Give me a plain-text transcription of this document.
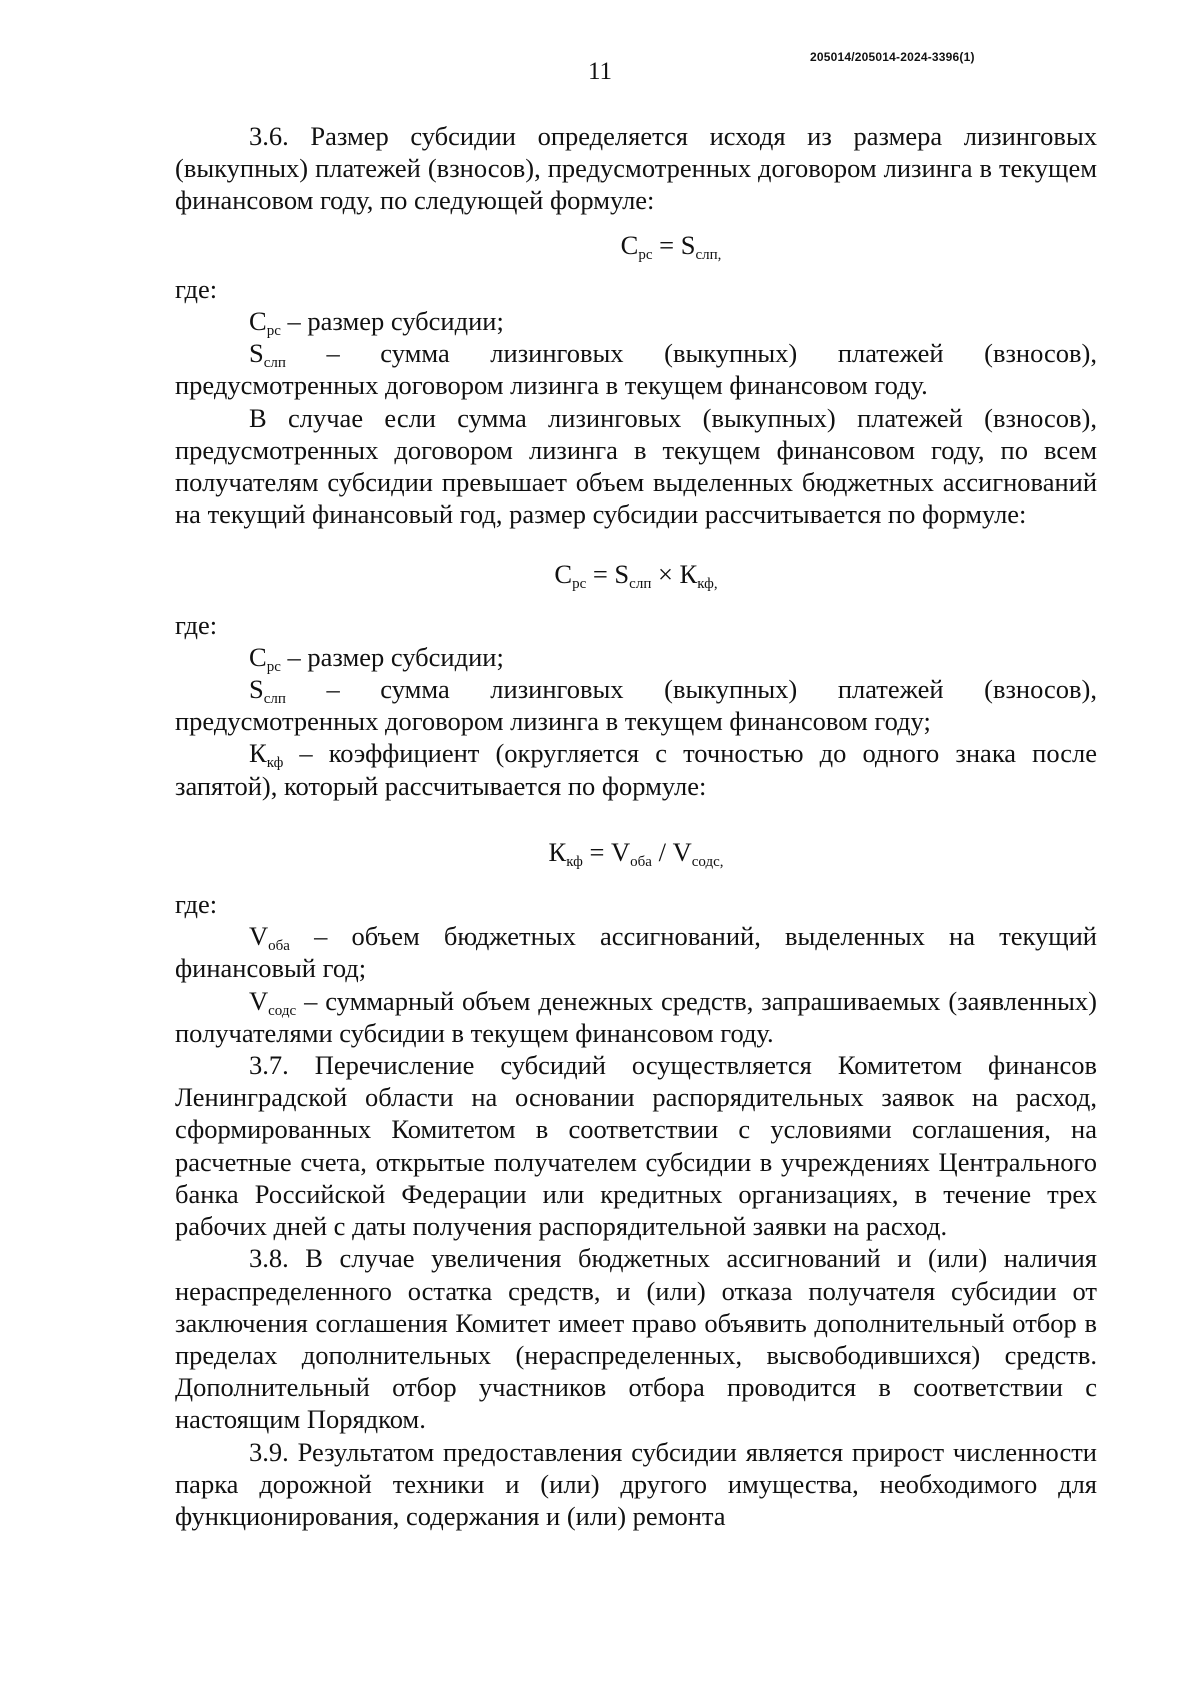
205014/205014-2024-3396(1)
11

3.6. Размер субсидии определяется исходя из размера лизинговых (выкупных) платежей (взносов), предусмотренных договором лизинга в текущем финансовом году, по следующей формуле:

$С_{рс} = S_{слп,}$

где:

$С_{рс}$ – размер субсидии;

$S_{слп}$ – сумма лизинговых (выкупных) платежей (взносов),

предусмотренных договором лизинга в текущем финансовом году.

В случае если сумма лизинговых (выкупных) платежей (взносов), предусмотренных договором лизинга в текущем финансовом году, по всем получателям субсидии превышает объем выделенных бюджетных ассигнований на текущий финансовый год, размер субсидии рассчитывается по формуле:

$С_{рс} = S_{слп} \times К_{кф,}$

где:

$С_{рс}$ – размер субсидии;

$S_{слп}$ – сумма лизинговых (выкупных) платежей (взносов),

предусмотренных договором лизинга в текущем финансовом году;

$К_{кф}$ – коэффициент (округляется с точностью до одного знака после запятой), который рассчитывается по формуле:

$К_{кф} = V_{оба} / V_{содс,}$

где:

$V_{оба}$ – объем бюджетных ассигнований, выделенных на текущий финансовый год;

$V_{содс}$ – суммарный объем денежных средств, запрашиваемых (заявленных) получателями субсидии в текущем финансовом году.

3.7. Перечисление субсидий осуществляется Комитетом финансов Ленинградской области на основании распорядительных заявок на расход, сформированных Комитетом в соответствии с условиями соглашения, на расчетные счета, открытые получателем субсидии в учреждениях Центрального банка Российской Федерации или кредитных организациях, в течение трех рабочих дней с даты получения распорядительной заявки на расход.

3.8. В случае увеличения бюджетных ассигнований и (или) наличия нераспределенного остатка средств, и (или) отказа получателя субсидии от заключения соглашения Комитет имеет право объявить дополнительный отбор в пределах дополнительных (нераспределенных, высвободившихся) средств. Дополнительный отбор участников отбора проводится в соответствии с настоящим Порядком.

3.9. Результатом предоставления субсидии является прирост численности парка дорожной техники и (или) другого имущества, необходимого для функционирования, содержания и (или) ремонта
